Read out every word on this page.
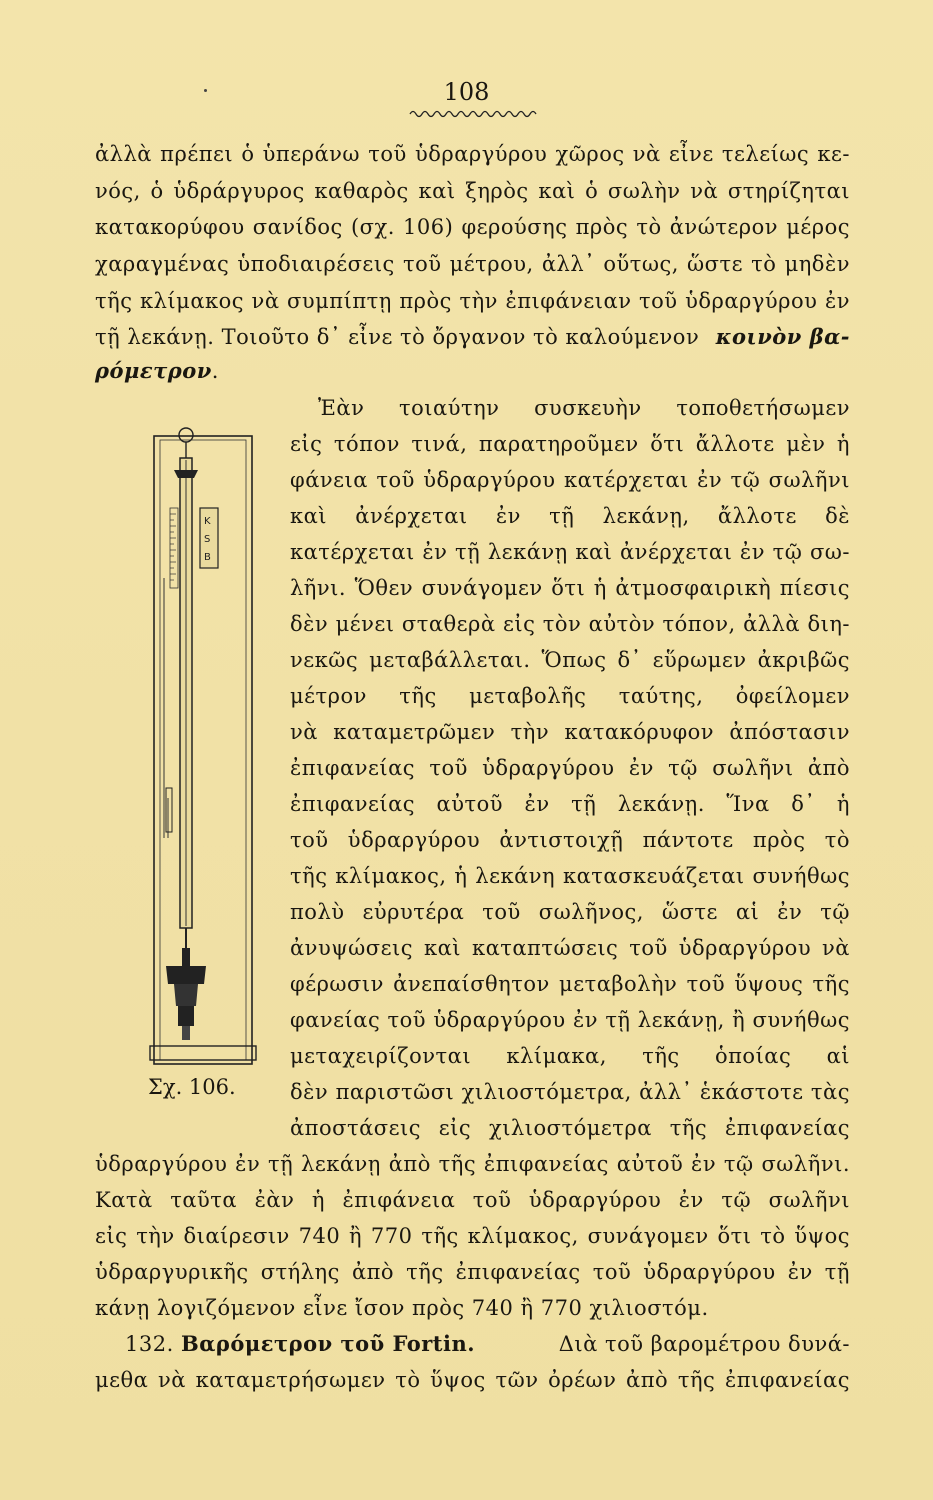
108
ἀλλὰ πρέπει ὁ ὑπεράνω τοῦ ὑδραργύρου χῶρος νὰ εἶνε τελείως κε-
νός, ὁ ὑδράργυρος καθαρὸς καὶ ξηρὸς καὶ ὁ σωλὴν νὰ στηρίζηται
κατακορύφου σανίδος (σχ. 106) φερούσης πρὸς τὸ ἀνώτερον μέρος
χαραγμένας ὑποδιαιρέσεις τοῦ μέτρου, ἀλλ᾽ οὕτως, ὥστε τὸ μηδὲν
τῆς κλίμακος νὰ συμπίπτῃ πρὸς τὴν ἐπιφάνειαν τοῦ ὑδραργύρου ἐν
τῇ λεκάνῃ. Τοιοῦτο δ᾽ εἶνε τὸ ὄργανον τὸ καλούμενον κοινὸν βα-
ρόμετρον.
K
S
B
Σχ. 106.
Ἐὰν τοιαύτην συσκευὴν τοποθετήσωμεν
εἰς τόπον τινά, παρατηροῦμεν ὅτι ἄλλοτε μὲν ἡ
φάνεια τοῦ ὑδραργύρου κατέρχεται ἐν τῷ σωλῆνι
καὶ ἀνέρχεται ἐν τῇ λεκάνῃ, ἄλλοτε δὲ
κατέρχεται ἐν τῇ λεκάνῃ καὶ ἀνέρχεται ἐν τῷ σω-
λῆνι. Ὅθεν συνάγομεν ὅτι ἡ ἀτμοσφαιρικὴ πίεσις
δὲν μένει σταθερὰ εἰς τὸν αὐτὸν τόπον, ἀλλὰ διη-
νεκῶς μεταβάλλεται. Ὅπως δ᾽ εὕρωμεν ἀκριβῶς
μέτρον τῆς μεταβολῆς ταύτης, ὀφείλομεν
νὰ καταμετρῶμεν τὴν κατακόρυφον ἀπόστασιν
ἐπιφανείας τοῦ ὑδραργύρου ἐν τῷ σωλῆνι ἀπὸ
ἐπιφανείας αὐτοῦ ἐν τῇ λεκάνῃ. Ἵνα δ᾽ ἡ
τοῦ ὑδραργύρου ἀντιστοιχῇ πάντοτε πρὸς τὸ
τῆς κλίμακος, ἡ λεκάνη κατασκευάζεται συνήθως
πολὺ εὐρυτέρα τοῦ σωλῆνος, ὥστε αἱ ἐν τῷ
ἀνυψώσεις καὶ καταπτώσεις τοῦ ὑδραργύρου νὰ
φέρωσιν ἀνεπαίσθητον μεταβολὴν τοῦ ὕψους τῆς
φανείας τοῦ ὑδραργύρου ἐν τῇ λεκάνῃ, ἢ συνήθως
μεταχειρίζονται κλίμακα, τῆς ὁποίας αἱ
δὲν παριστῶσι χιλιοστόμετρα, ἀλλ᾽ ἑκάστοτε τὰς
ἀποστάσεις εἰς χιλιοστόμετρα τῆς ἐπιφανείας
ὑδραργύρου ἐν τῇ λεκάνῃ ἀπὸ τῆς ἐπιφανείας αὐτοῦ ἐν τῷ σωλῆνι.
Κατὰ ταῦτα ἐὰν ἡ ἐπιφάνεια τοῦ ὑδραργύρου ἐν τῷ σωλῆνι
εἰς τὴν διαίρεσιν 740 ἢ 770 τῆς κλίμακος, συνάγομεν ὅτι τὸ ὕψος
ὑδραργυρικῆς στήλης ἀπὸ τῆς ἐπιφανείας τοῦ ὑδραργύρου ἐν τῇ
κάνῃ λογιζόμενον εἶνε ἴσον πρὸς 740 ἢ 770 χιλιοστόμ.
132. Βαρόμετρον τοῦ Fortin.	Διὰ τοῦ βαρομέτρου δυνά-
μεθα νὰ καταμετρήσωμεν τὸ ὕψος τῶν ὀρέων ἀπὸ τῆς ἐπιφανείας
